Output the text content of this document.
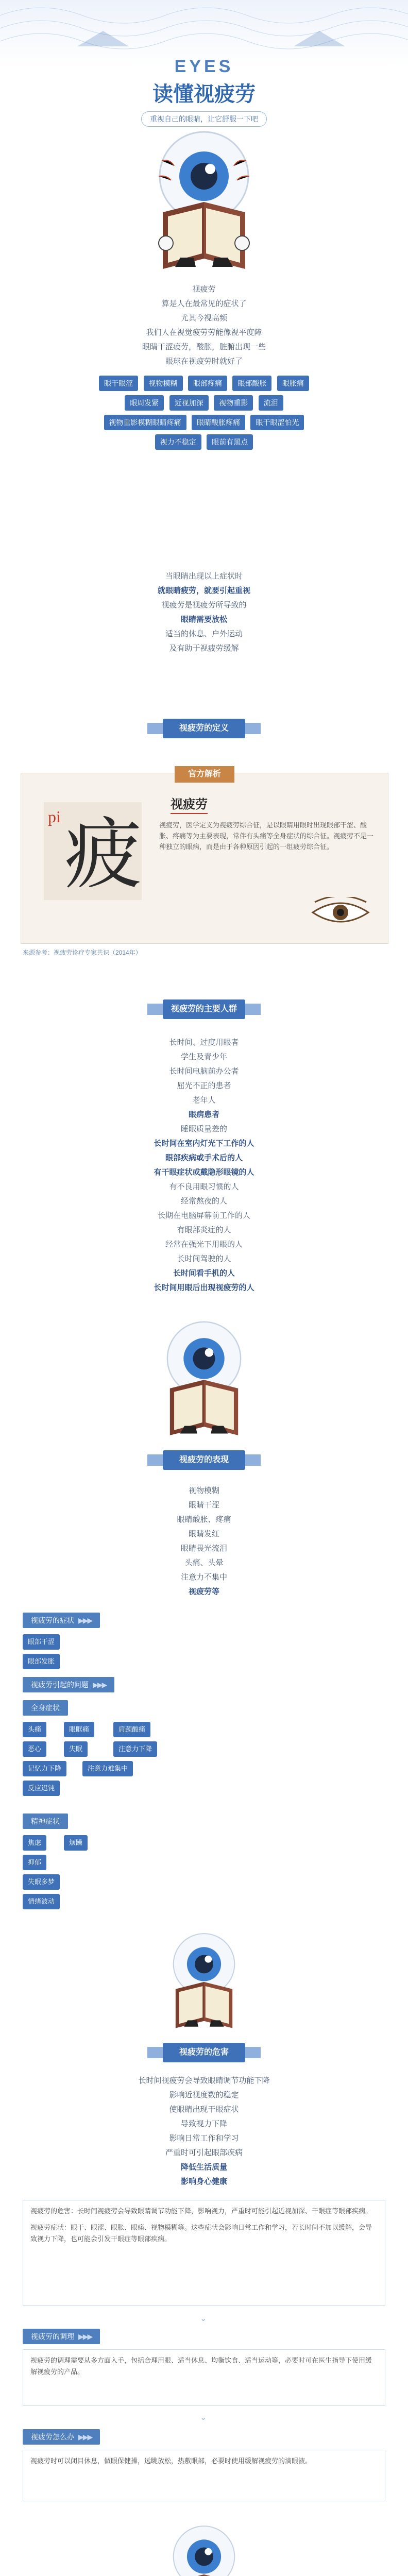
EYES
读懂视疲劳
重视自己的眼睛，让它舒服一下吧
视疲劳
算是人在最常见的症状了
尤其今视高频
我们人在视觉疲劳劳能像视平度障
眼睛干涩疲劳，酸胀，脏腑出现一些
眼球在视疲劳时就好了
眼干眼涩 视物模糊 眼部疼痛 眼部酸胀 眼胀痛 眼周发紧 近视加深 视物重影 流泪 视物重影模糊眼睛疼痛 眼睛酸胀疼痛 眼干眼涩怕光 视力不稳定 眼前有黑点
当眼睛出现以上症状时
就眼睛疲劳，就要引起重视
视疲劳是视疲劳所导致的
眼睛需要放松
适当的休息、户外运动
及有助于视疲劳缓解
视疲劳的定义
官方解析
pi 疲
视疲劳
视疲劳，医学定义为视疲劳综合征，是以眼睛用眼时出现眼部干涩、酸胀、疼痛等为主要表现，常伴有头痛等全身症状的综合征。视疲劳不是一种独立的眼病，而是由于各种原因引起的一组疲劳综合征。
来源参考：视疲劳诊疗专家共识（2014年）
视疲劳的主要人群
长时间、过度用眼者
学生及青少年
长时间电脑前办公者
屈光不正的患者
老年人
眼病患者
睡眠质量差的
长时间在室内灯光下工作的人
眼部疾病或手术后的人
有干眼症状或戴隐形眼镜的人
有不良用眼习惯的人
经常熬夜的人
长期在电脑屏幕前工作的人
有眼部炎症的人
经常在强光下用眼的人
长时间驾驶的人
长时间看手机的人
长时间用眼后出现视疲劳的人
视疲劳的表现
视物模糊
眼睛干涩
眼睛酸胀、疼痛
眼睛发红
眼睛畏光流泪
头痛、头晕
注意力不集中
视疲劳等
视疲劳的症状 ▶▶▶
眼部干涩
眼部发胀
视疲劳引起的问题 ▶▶▶
全身症状
头痛	眼眶痛	肩颈酸痛
恶心	失眠	注意力下降
记忆力下降	注意力难集中
反应迟钝
精神症状
焦虑	烦躁
抑郁
失眠多梦
情绪波动
视疲劳的危害
长时间视疲劳会导致眼睛调节功能下降
影响近视度数的稳定
使眼睛出现干眼症状
导致视力下降
影响日常工作和学习
严重时可引起眼部疾病
降低生活质量
影响身心健康

视疲劳的危害：长时间视疲劳会导致眼睛调节功能下降，影响视力，严重时可能引起近视加深、干眼症等眼部疾病。

视疲劳症状：眼干、眼涩、眼胀、眼痛、视物模糊等。这些症状会影响日常工作和学习，若长时间不加以缓解，会导致视力下降，也可能会引发干眼症等眼部疾病。

⌄
视疲劳的调理 ▶▶▶
视疲劳的调理需要从多方面入手，包括合理用眼、适当休息、均衡饮食、适当运动等，必要时可在医生指导下使用缓解视疲劳的产品。
⌄
视疲劳怎么办 ▶▶▶
视疲劳时可以闭目休息，做眼保健操，远眺放松，热敷眼部，必要时使用缓解视疲劳的滴眼液。
